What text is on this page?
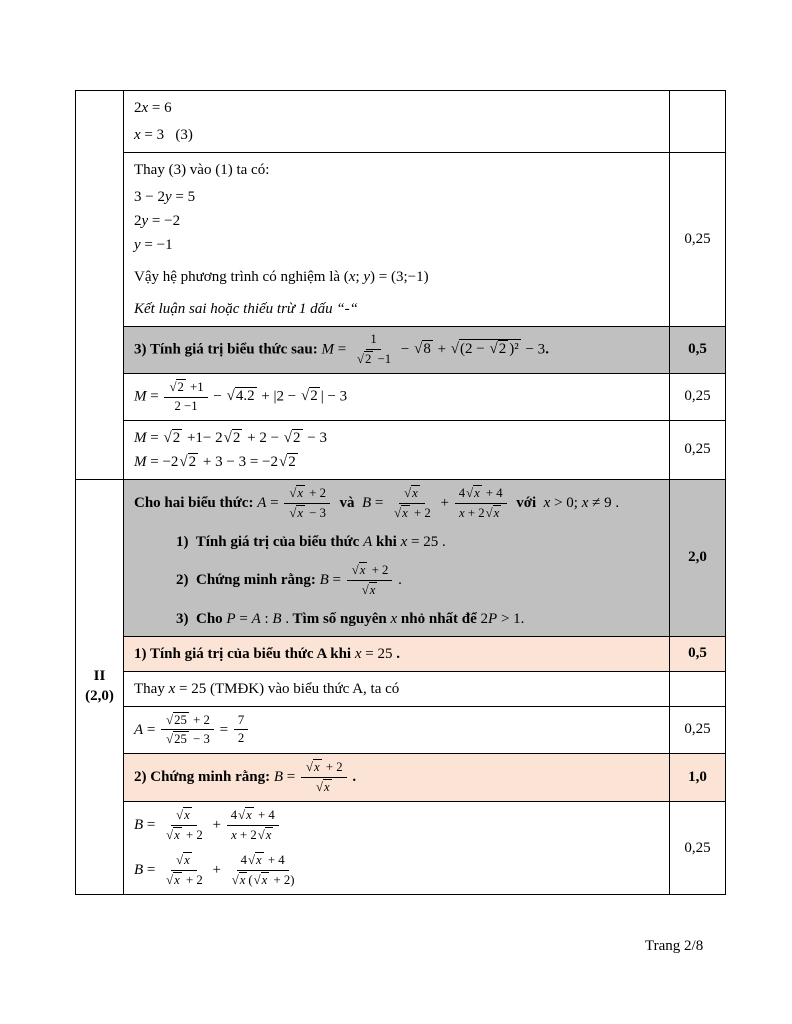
	2x = 6
x = 3   (3)	

Thay (3) vào (1) ta có:
3 − 2y = 5
2y = −2
y = −1
Vậy hệ phương trình có nghiệm là (x; y) = (3;−1)
Kết luận sai hoặc thiếu trừ 1 dấu “-“
	0,25

3) Tính giá trị biểu thức sau: $M = \frac{1}{√ 2 -1}$ − √ 8 + √ (2 − √ 2 )² − 3.	0,5

$M = \frac{√ 2 +1}{2 -1}$ − √ 4.2 + |2 − √ 2 | − 3	0,25

M = √ 2 +1− 2 √ 2 + 2 − √ 2 − 3
M = −2 √ 2 + 3 − 3 = −2 √ 2
	0,25

II
(2,0)

Cho hai biểu thức: $A = \frac{√ x + 2}{√ x - 3}$ và $B = \frac{√ x}{√ x + 2} + \frac{4 √ x + 4}{x + 2 √ x}$ với x > 0; x ≠ 9 .
1)  Tính giá trị của biểu thức A khi x = 25 .
2)  Chứng minh rằng: $B = \frac{√ x + 2}{√ x}$ .
3)  Cho P = A : B . Tìm số nguyên x nhỏ nhất để 2P > 1.
	2,0

	1) Tính giá trị của biểu thức A khi x = 25 .	0,5

	Thay x = 25 (TMĐK) vào biểu thức A, ta có	

$A = \frac{√ 25 + 2}{√ 25 - 3} = \frac{7}{2}$	0,25

2) Chứng minh rằng: $B = \frac{√ x + 2}{√ x}$ .	1,0

$B = \frac{√ x}{√ x + 2} + \frac{4 √ x + 4}{x + 2 √ x}$
$B = \frac{√ x}{√ x + 2} + \frac{4 √ x + 4}{√ x ( √ x + 2)}$
	0,25
Trang 2/8
